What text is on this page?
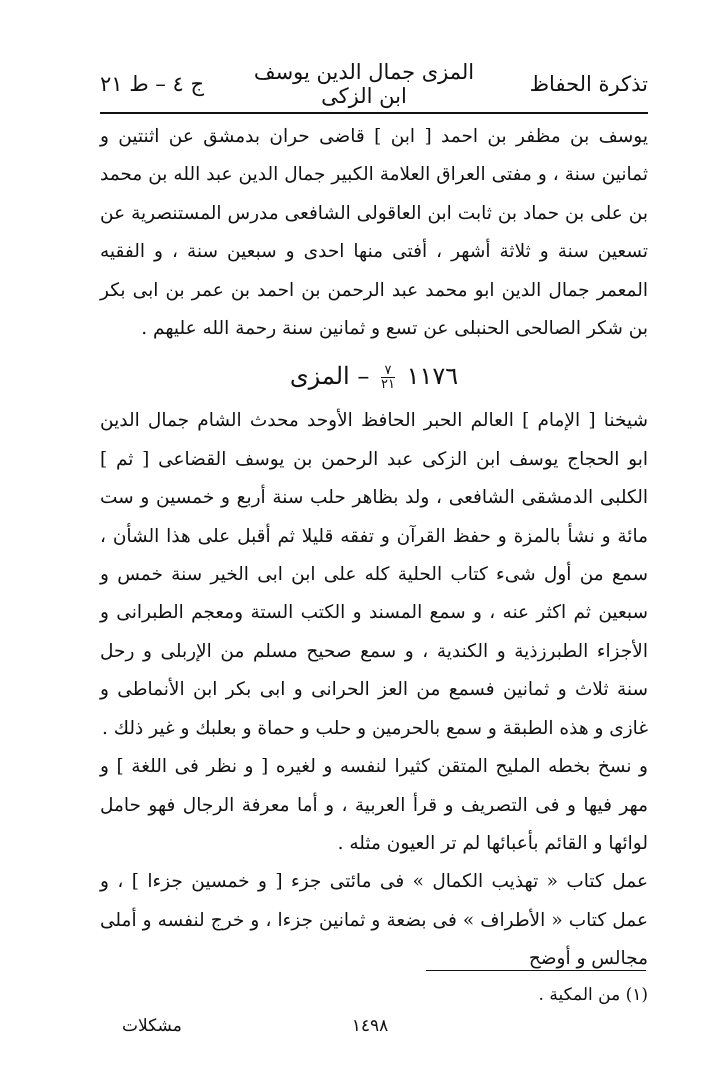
تذكرة الحفاظ
المزى جمال الدين يوسف ابن الزكى
ج ٤ – ط ٢١

يوسف بن مظفر بن احمد [ ابن ] قاضى حران بدمشق عن اثنتين و ثمانين سنة ، و مفتى العراق العلامة الكبير جمال الدين عبد الله بن محمد بن على بن حماد بن ثابت ابن العاقولى الشافعى مدرس المستنصرية عن تسعين سنة و ثلاثة أشهر ، أفتى منها احدى و سبعين سنة ، و الفقيه المعمر جمال الدين ابو محمد عبد الرحمن بن احمد بن عمر بن ابى بكر بن شكر الصالحى الحنبلى عن تسع و ثمانين سنة رحمة الله عليهم .

١١٧٦
$\frac{٧}{٢١}$
– المزى

شيخنا [ الإمام ] العالم الحبر الحافظ الأوحد محدث الشام جمال الدين ابو الحجاج يوسف ابن الزكى عبد الرحمن بن يوسف القضاعى [ ثم ] الكلبى الدمشقى الشافعى ، ولد بظاهر حلب سنة أربع و خمسين و ست مائة و نشأ بالمزة و حفظ القرآن و تفقه قليلا ثم أقبل على هذا الشأن ، سمع من أول شىء كتاب الحلية كله على ابن ابى الخير سنة خمس و سبعين ثم اكثر عنه ، و سمع المسند و الكتب الستة ومعجم الطبرانى و الأجزاء الطبرزذية و الكندية ، و سمع صحيح مسلم من الإربلى و رحل سنة ثلاث و ثمانين فسمع من العز الحرانى و ابى بكر ابن الأنماطى و غازى و هذه الطبقة و سمع بالحرمين و حلب و حماة و بعلبك و غير ذلك .

و نسخ بخطه المليح المتقن كثيرا لنفسه و لغيره [ و نظر فى اللغة ] و مهر فيها و فى التصريف و قرأ العربية ، و أما معرفة الرجال فهو حامل لوائها و القائم بأعبائها لم تر العيون مثله .

عمل كتاب « تهذيب الكمال » فى مائتى جزء [ و خمسين جزءا ] ، و عمل كتاب « الأطراف » فى بضعة و ثمانين جزءا ، و خرج لنفسه و أملى مجالس و أوضح

(١) من المكية .
١٤٩٨
مشكلات
